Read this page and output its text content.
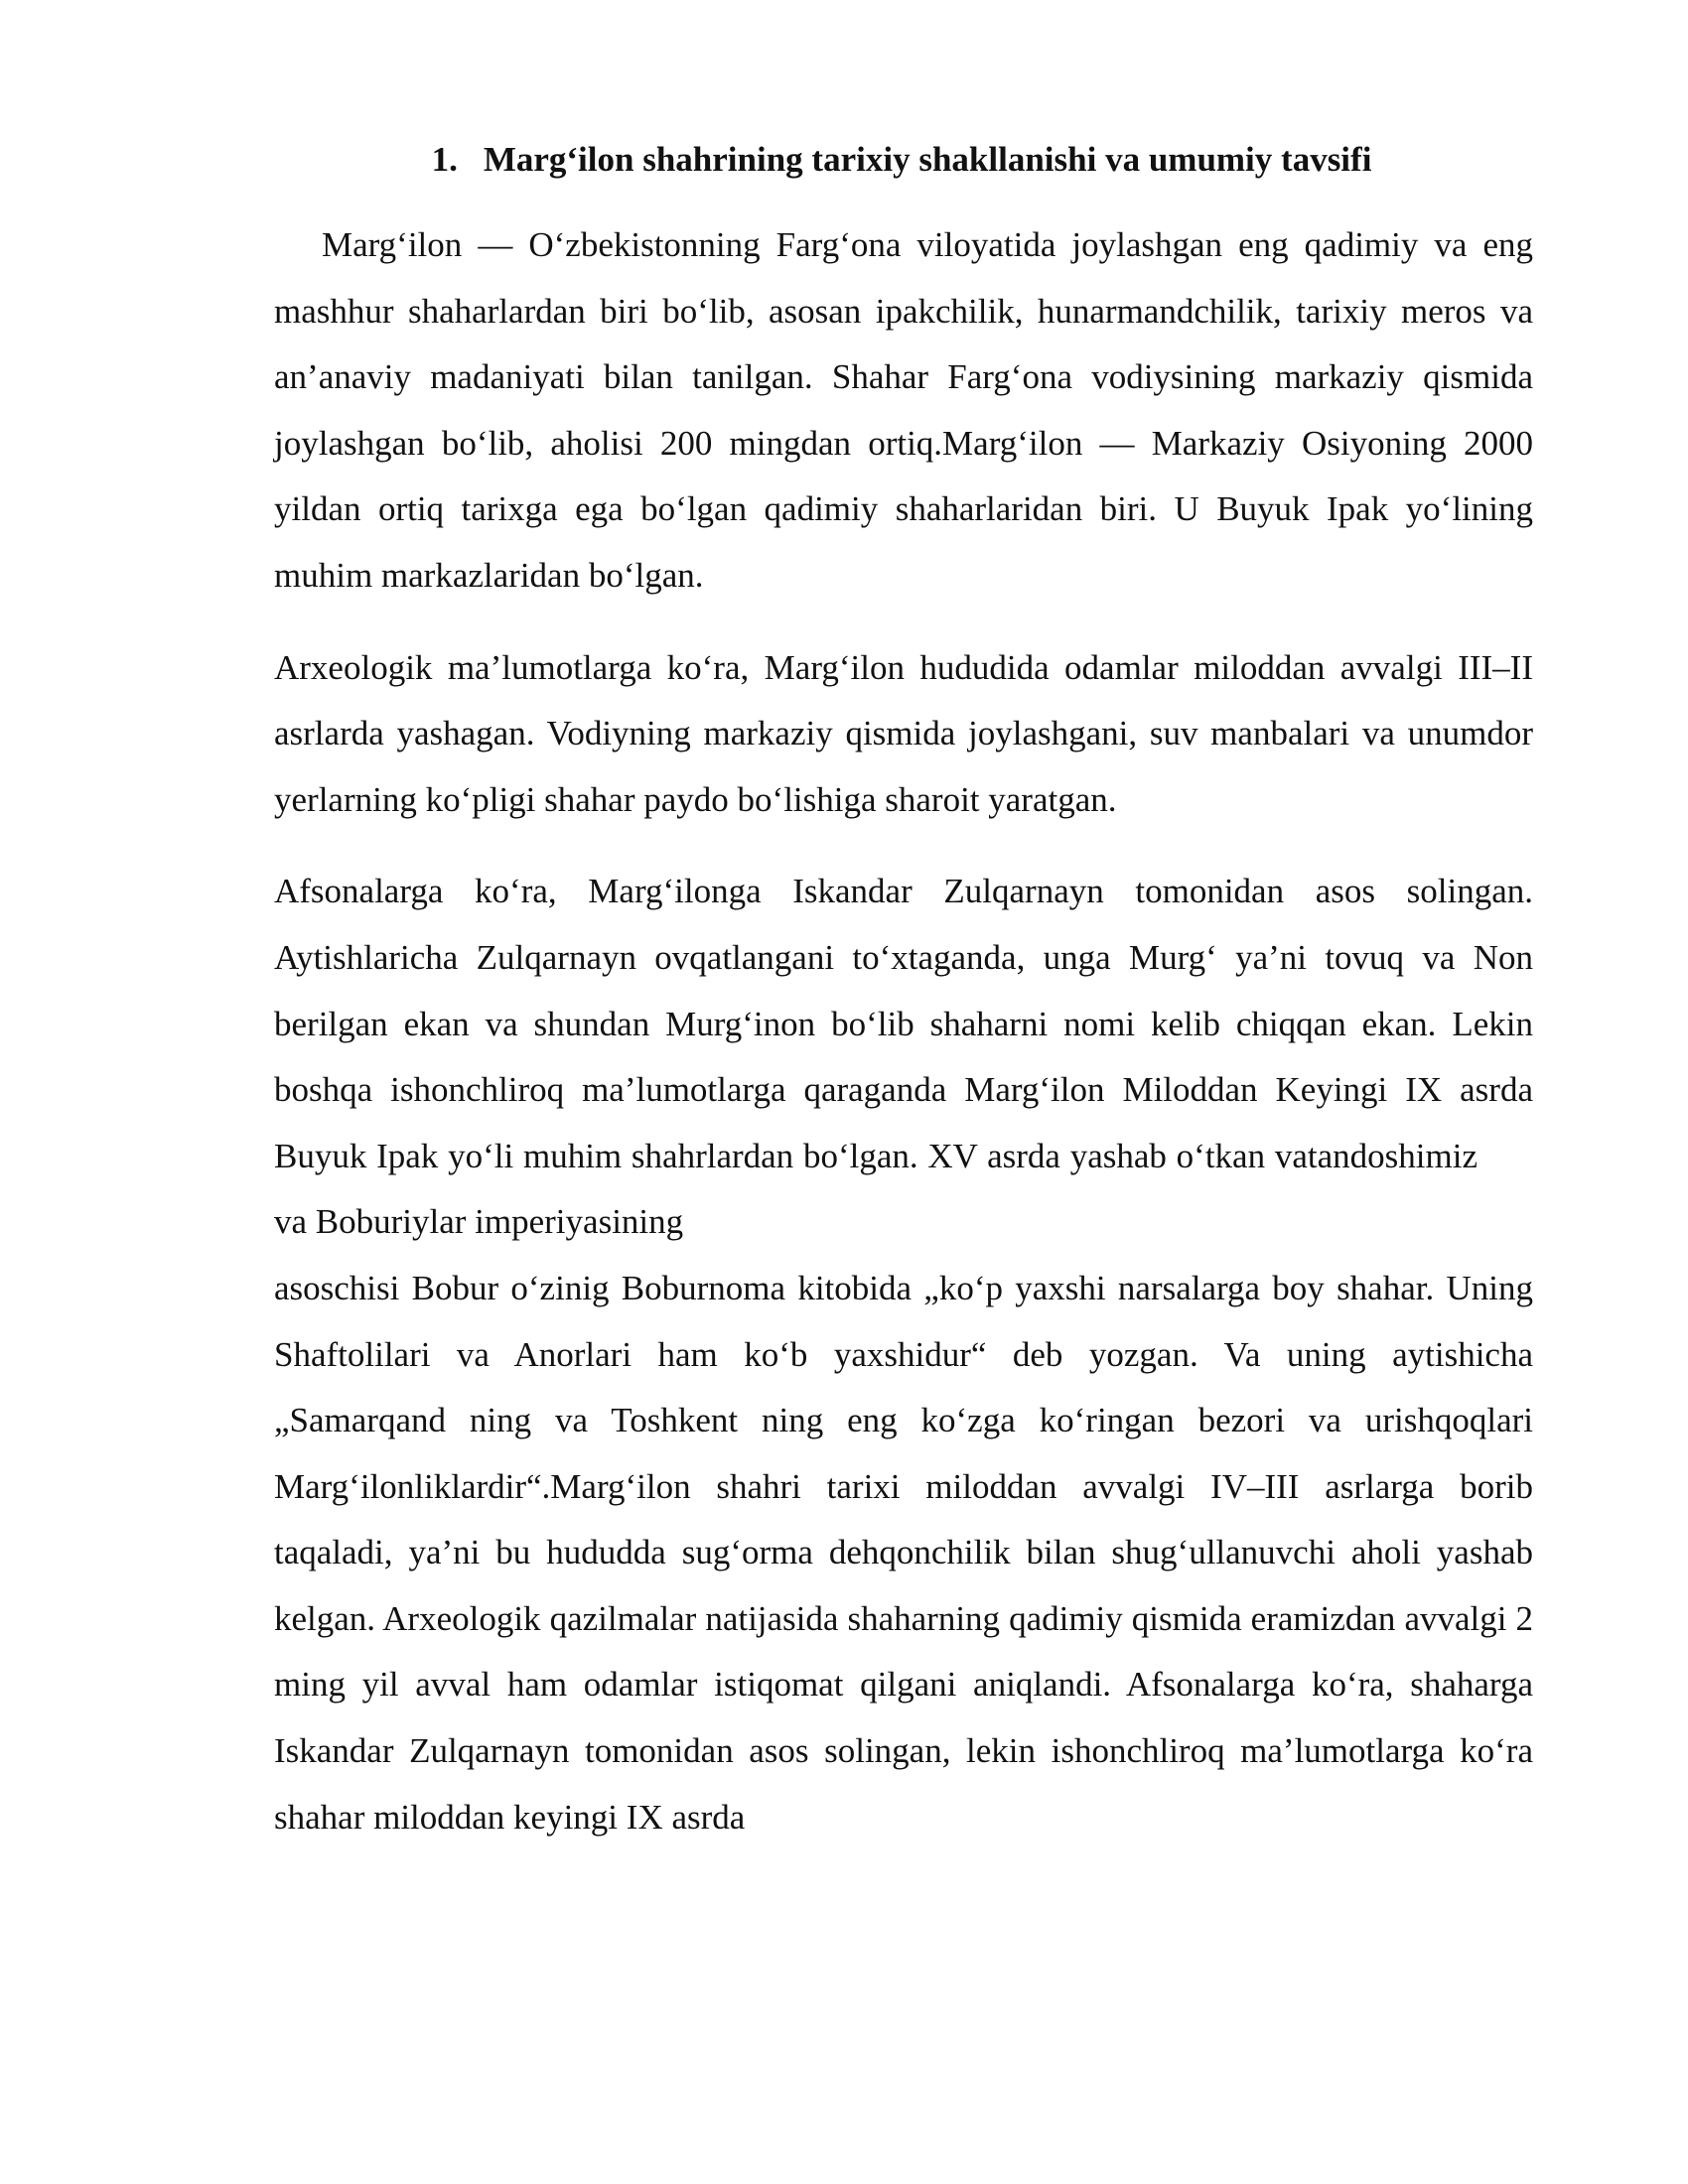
1. Marg‘ilon shahrining tarixiy shakllanishi va umumiy tavsifi

Marg‘ilon — O‘zbekistonning Farg‘ona viloyatida joylashgan eng qadimiy va eng mashhur shaharlardan biri bo‘lib, asosan ipakchilik, hunarmandchilik, tarixiy meros va an’anaviy madaniyati bilan tanilgan. Shahar Farg‘ona vodiysining markaziy qismida joylashgan bo‘lib, aholisi 200 mingdan ortiq.Marg‘ilon — Markaziy Osiyoning 2000 yildan ortiq tarixga ega bo‘lgan qadimiy shaharlaridan biri. U Buyuk Ipak yo‘lining muhim markazlaridan bo‘lgan.

Arxeologik ma’lumotlarga ko‘ra, Marg‘ilon hududida odamlar miloddan avvalgi III–II asrlarda yashagan. Vodiyning markaziy qismida joylashgani, suv manbalari va unumdor yerlarning ko‘pligi shahar paydo bo‘lishiga sharoit yaratgan.

Afsonalarga ko‘ra, Marg‘ilonga Iskandar Zulqarnayn tomonidan asos solingan. Aytishlaricha Zulqarnayn ovqatlangani to‘xtaganda, unga Murg‘ ya’ni tovuq va Non berilgan ekan va shundan Murg‘inon bo‘lib shaharni nomi kelib chiqqan ekan. Lekin boshqa ishonchliroq ma’lumotlarga qaraganda Marg‘ilon Miloddan Keyingi IX asrda Buyuk Ipak yo‘li muhim shahrlardan bo‘lgan. XV asrda yashab o‘tkan vatandoshimizva Boburiylar imperiyasining

asoschisi Bobur o‘zinig Boburnoma kitobida „ko‘p yaxshi narsalarga boy shahar. Uning Shaftolilari va Anorlari ham ko‘b yaxshidur“ deb yozgan. Va uning aytishicha „Samarqand ning va Toshkent ning eng ko‘zga ko‘ringan bezori va urishqoqlari Marg‘ilonliklardir“.Marg‘ilon shahri tarixi miloddan avvalgi IV–III asrlarga borib taqaladi, ya’ni bu hududda sug‘orma dehqonchilik bilan shug‘ullanuvchi aholi yashab kelgan. Arxeologik qazilmalar natijasida shaharning qadimiy qismida eramizdan avvalgi 2 ming yil avval ham odamlar istiqomat qilgani aniqlandi. Afsonalarga ko‘ra, shaharga Iskandar Zulqarnayn tomonidan asos solingan, lekin ishonchliroq ma’lumotlarga ko‘ra shahar miloddan keyingi IX asrda
